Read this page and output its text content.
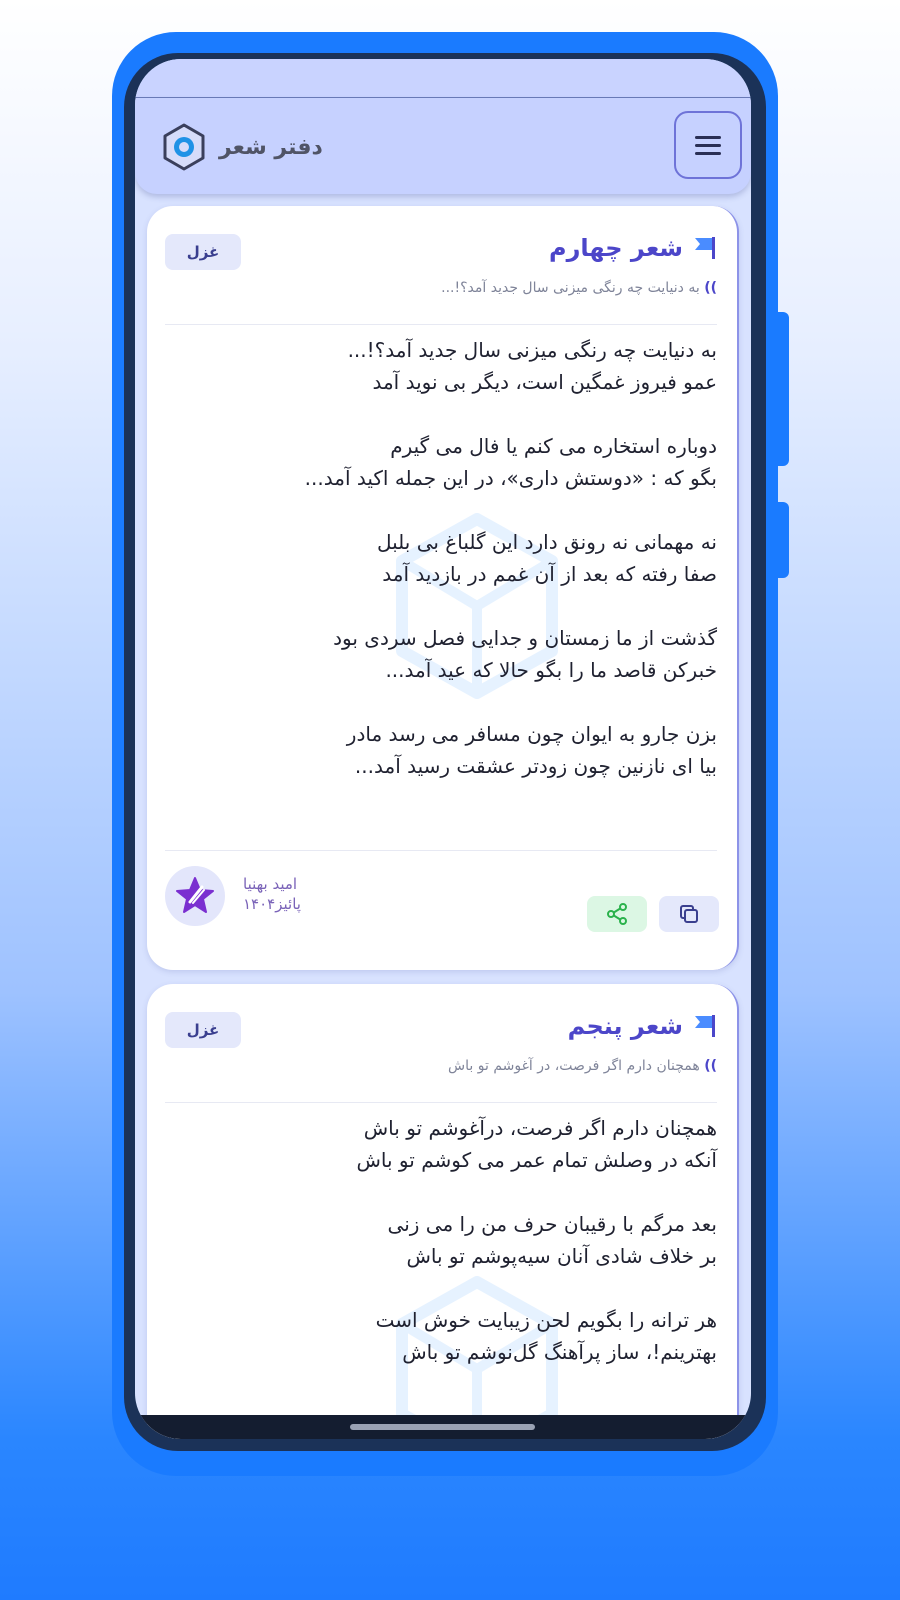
دفتر شعر
شعر چهارم
غزل
)) به دنیایت چه رنگی میزنی سال جدید آمد؟!...
به دنیایت چه رنگی میزنی سال جدید آمد؟!...
عمو فیروز غمگین است، دیگر بی نوید آمد
دوباره استخاره می کنم یا فال می گیرم
بگو که : «دوستش داری»، در این جمله اکید آمد...
نه مهمانی نه رونق دارد این گلباغ بی بلبل
صفا رفته که بعد از آن غمم در بازدید آمد
گذشت از ما زمستان و جدایی فصل سردی بود
خبرکن قاصد ما را بگو حالا که عید آمد...
بزن جارو به ایوان چون مسافر می رسد مادر
بیا ای نازنین چون زودتر عشقت رسید آمد...
امید بهنیا
پائیز۱۴۰۴
شعر پنجم
غزل
)) همچنان دارم اگر فرصت، در آغوشم تو باش
همچنان دارم اگر فرصت، درآغوشم تو باش
آنکه در وصلش تمام عمر می کوشم تو باش
بعد مرگم با رقیبان حرف من را می زنی
بر خلاف شادی آنان سیه‌پوشم تو باش
هر ترانه را بگویم لحن زیبایت خوش است
بهترینم!، ساز پرآهنگ گل‌نوشم تو باش
